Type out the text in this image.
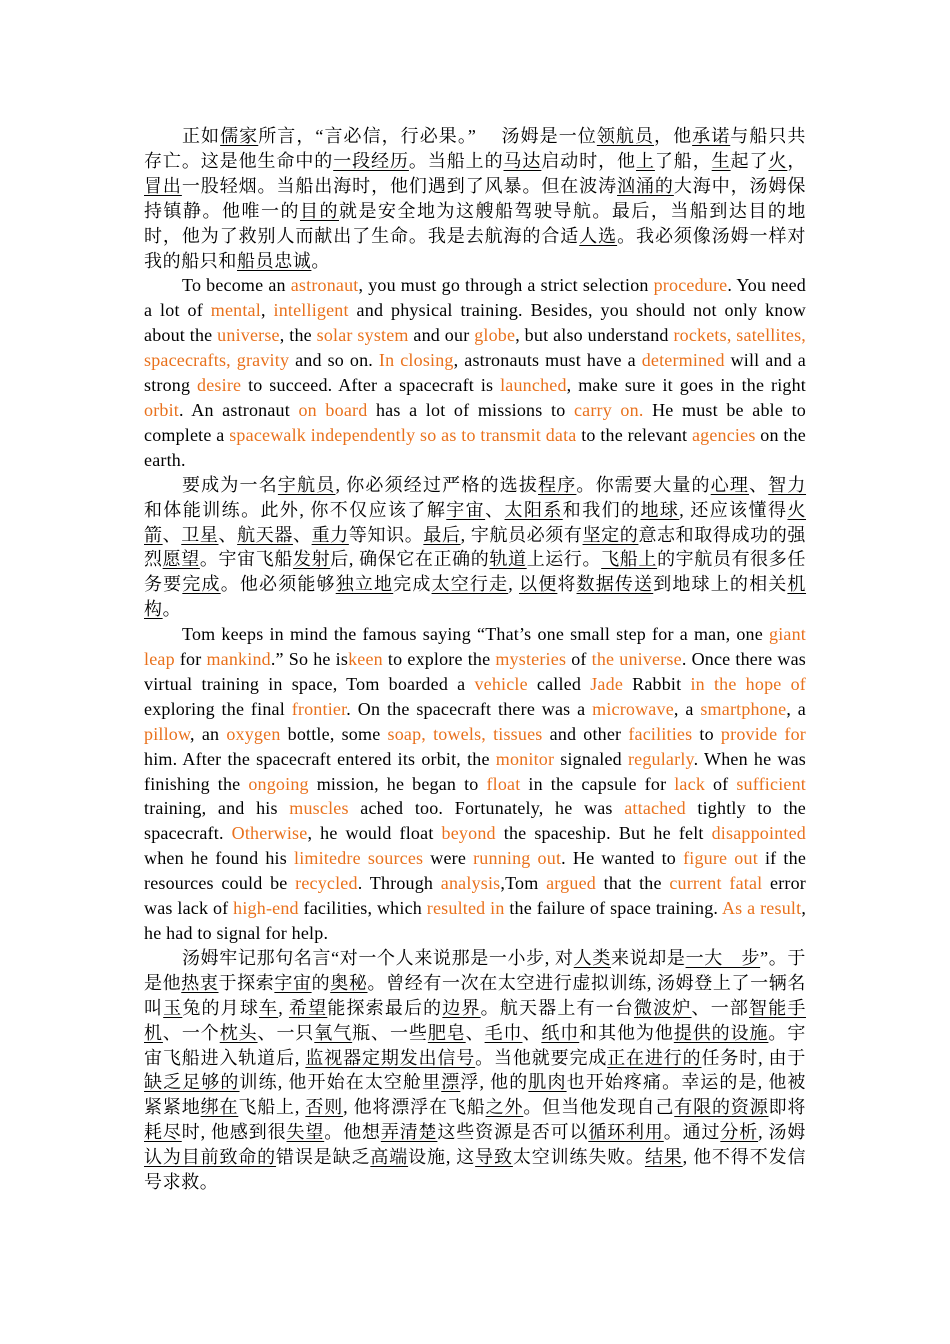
正如儒家所言，“言必信，行必果。”　 汤姆是一位领航员，他承诺与船只共存亡。这是他生命中的一段经历。当船上的马达启动时，他上了船，生起了火，冒出一股轻烟。当船出海时，他们遇到了风暴。但在波涛汹涌的大海中，汤姆保持镇静。他唯一的目的就是安全地为这艘船驾驶导航。最后，当船到达目的地时，他为了救别人而献出了生命。我是去航海的合适人选。我必须像汤姆一样对我的船只和船员忠诚。

To become an astronaut, you must go through a strict selection procedure. You need a lot of mental, intelligent and physical training. Besides, you should not only know about the universe, the solar system and our globe, but also understand rockets, satellites, spacecrafts, gravity and so on. In closing, astronauts must have a determined will and a strong desire to succeed. After a spacecraft is launched, make sure it goes in the right orbit. An astronaut on board has a lot of missions to carry on. He must be able to complete a spacewalk independently so as to transmit data to the relevant agencies on the earth.

要成为一名宇航员, 你必须经过严格的选拔程序。你需要大量的心理、智力和体能训练。此外, 你不仅应该了解宇宙、太阳系和我们的地球, 还应该懂得火箭、卫星、航天器、重力等知识。最后, 宇航员必须有坚定的意志和取得成功的强烈愿望。宇宙飞船发射后, 确保它在正确的轨道上运行。飞船上的宇航员有很多任务要完成。他必须能够独立地完成太空行走, 以便将数据传送到地球上的相关机构。

Tom keeps in mind the famous saying “That’s one small step for a man, one giant leap for mankind.” So he iskeen to explore the mysteries of the universe. Once there was virtual training in space, Tom boarded a vehicle called Jade Rabbit in the hope of exploring the final frontier. On the spacecraft there was a microwave, a smartphone, a pillow, an oxygen bottle, some soap, towels, tissues and other facilities to provide for him. After the spacecraft entered its orbit, the monitor signaled regularly. When he was finishing the ongoing mission, he began to float in the capsule for lack of sufficient training, and his muscles ached too. Fortunately, he was attached tightly to the spacecraft. Otherwise, he would float beyond the spaceship. But he felt disappointed when he found his limitedre sources were running out. He wanted to figure out if the resources could be recycled. Through analysis,Tom argued that the current fatal error was lack of high-end facilities, which resulted in the failure of space training. As a result, he had to signal for help.

汤姆牢记那句名言“对一个人来说那是一小步, 对人类来说却是一大　步”。于是他热衷于探索宇宙的奥秘。曾经有一次在太空进行虚拟训练, 汤姆登上了一辆名叫玉兔的月球车, 希望能探索最后的边界。航天器上有一台微波炉、一部智能手机、一个枕头、一只氧气瓶、一些肥皂、毛巾、纸巾和其他为他提供的设施。宇宙飞船进入轨道后, 监视器定期发出信号。当他就要完成正在进行的任务时, 由于缺乏足够的训练, 他开始在太空舱里漂浮, 他的肌肉也开始疼痛。幸运的是, 他被紧紧地绑在飞船上, 否则, 他将漂浮在飞船之外。但当他发现自己有限的资源即将耗尽时, 他感到很失望。他想弄清楚这些资源是否可以循环利用。通过分析, 汤姆认为目前致命的错误是缺乏高端设施, 这导致太空训练失败。结果, 他不得不发信号求救。
